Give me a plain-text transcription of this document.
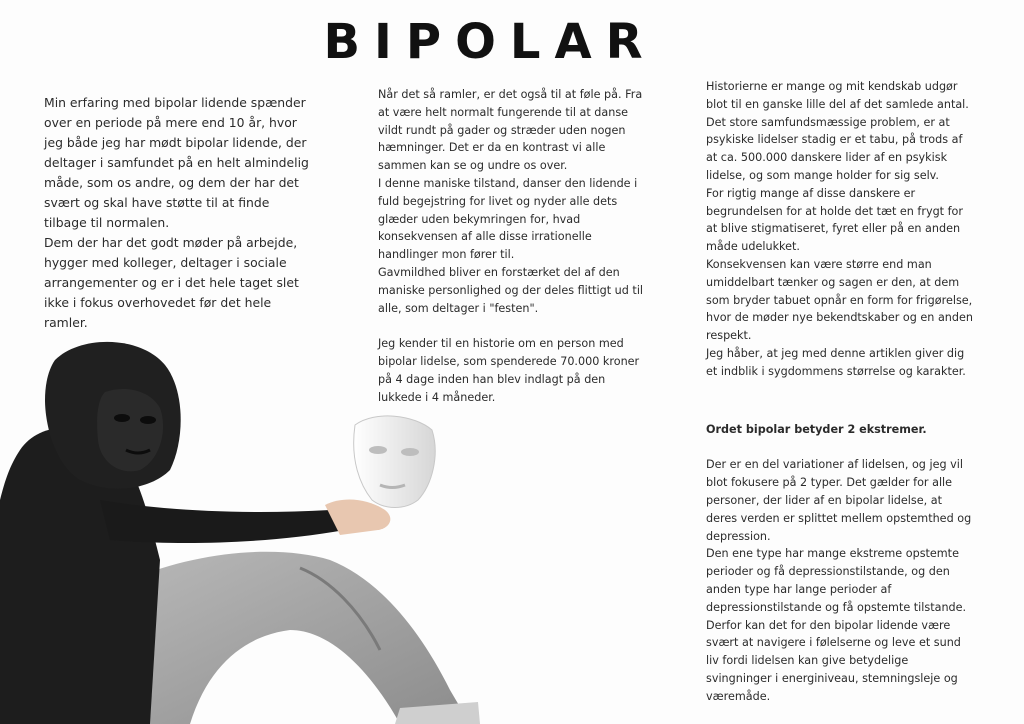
BIPOLAR

Min erfaring med bipolar lidende spænder over en periode på mere end 10 år, hvor jeg både jeg har mødt bipolar lidende, der deltager i samfundet på en helt almindelig måde, som os andre, og dem der har det svært og skal have støtte til at finde tilbage til normalen.

Dem der har det godt møder på arbejde, hygger med kolleger, deltager i sociale arrangementer og er i det hele taget slet ikke i fokus overhovedet før det hele ramler.

Når det så ramler, er det også til at føle på. Fra at være helt normalt fungerende til at danse vildt rundt på gader og stræder uden nogen hæmninger. Det er da en kontrast vi alle sammen kan se og undre os over.

I denne maniske tilstand, danser den lidende i fuld begejstring for livet og nyder alle dets glæder uden bekymringen for, hvad konsekvensen af alle disse irrationelle handlinger mon fører til.

Gavmildhed bliver en forstærket del af den maniske personlighed og der deles flittigt ud til alle, som deltager i "festen".

Jeg kender til en historie om en person med bipolar lidelse, som spenderede 70.000 kroner på 4 dage inden han blev indlagt på den lukkede i 4 måneder.

Historierne er mange og mit kendskab udgør blot til en ganske lille del af det samlede antal.

Det store samfundsmæssige problem, er at psykiske lidelser stadig er et tabu, på trods af at ca. 500.000 danskere lider af en psykisk lidelse, og som mange holder for sig selv.

For rigtig mange af disse danskere er begrundelsen for at holde det tæt en frygt for at blive stigmatiseret, fyret eller på en anden måde udelukket.

Konsekvensen kan være større end man umiddelbart tænker og sagen er den, at dem som bryder tabuet opnår en form for frigørelse, hvor de møder nye bekendtskaber og en anden respekt.

Jeg håber, at jeg med denne artiklen giver dig et indblik i sygdommens størrelse og karakter.

Ordet bipolar betyder 2 ekstremer.

Der er en del variationer af lidelsen, og jeg vil blot fokusere på 2 typer. Det gælder for alle personer, der lider af en bipolar lidelse, at deres verden er splittet mellem opstemthed og depression.

Den ene type har mange ekstreme opstemte perioder og få depressionstilstande, og den anden type har lange perioder af depressionstilstande og få opstemte tilstande.

Derfor kan det for den bipolar lidende være svært at navigere i følelserne og leve et sund liv fordi lidelsen kan give betydelige svingninger i energiniveau, stemningsleje og væremåde.
